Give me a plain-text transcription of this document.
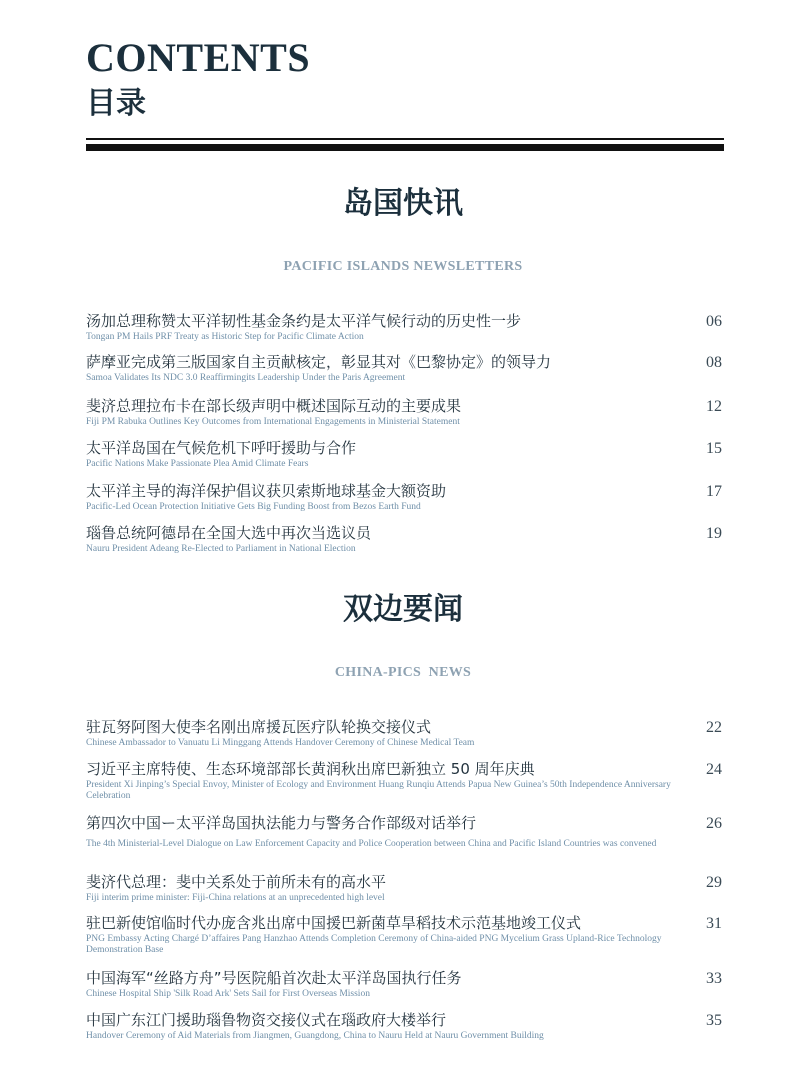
CONTENTS
目录
岛国快讯
PACIFIC ISLANDS NEWSLETTERS
汤加总理称赞太平洋韧性基金条约是太平洋气候行动的历史性一步
Tongan PM Hails PRF Treaty as Historic Step for Pacific Climate Action
06
萨摩亚完成第三版国家自主贡献核定，彰显其对《巴黎协定》的领导力
Samoa Validates Its NDC 3.0 Reaffirmingits Leadership Under the Paris Agreement
08
斐济总理拉布卡在部长级声明中概述国际互动的主要成果
Fiji PM Rabuka Outlines Key Outcomes from International Engagements in Ministerial Statement
12
太平洋岛国在气候危机下呼吁援助与合作
Pacific Nations Make Passionate Plea Amid Climate Fears
15
太平洋主导的海洋保护倡议获贝索斯地球基金大额资助
Pacific-Led Ocean Protection Initiative Gets Big Funding Boost from Bezos Earth Fund
17
瑙鲁总统阿德昂在全国大选中再次当选议员
Nauru President Adeang Re-Elected to Parliament in National Election
19
双边要闻
CHINA-PICS  NEWS
驻瓦努阿图大使李名刚出席援瓦医疗队轮换交接仪式
Chinese Ambassador to Vanuatu Li Minggang Attends Handover Ceremony of Chinese Medical Team
22
习近平主席特使、生态环境部部长黄润秋出席巴新独立 50 周年庆典
President Xi Jinping’s Special Envoy, Minister of Ecology and Environment Huang Runqiu Attends Papua New Guinea’s 50th Independence Anniversary Celebration
24
第四次中国ー太平洋岛国执法能力与警务合作部级对话举行
The 4th Ministerial-Level Dialogue on Law Enforcement Capacity and Police Cooperation between China and Pacific Island Countries was convened
26
斐济代总理：斐中关系处于前所未有的高水平
Fiji interim prime minister: Fiji-China relations at an unprecedented high level
29
驻巴新使馆临时代办庞含兆出席中国援巴新菌草旱稻技术示范基地竣工仪式
PNG Embassy Acting Chargé D’affaires Pang Hanzhao Attends Completion Ceremony of China-aided PNG Mycelium Grass Upland-Rice Technology Demonstration Base
31
中国海军“丝路方舟”号医院船首次赴太平洋岛国执行任务
Chinese Hospital Ship 'Silk Road Ark' Sets Sail for First Overseas Mission
33
中国广东江门援助瑙鲁物资交接仪式在瑙政府大楼举行
Handover Ceremony of Aid Materials from Jiangmen, Guangdong, China to Nauru Held at Nauru Government Building
35
